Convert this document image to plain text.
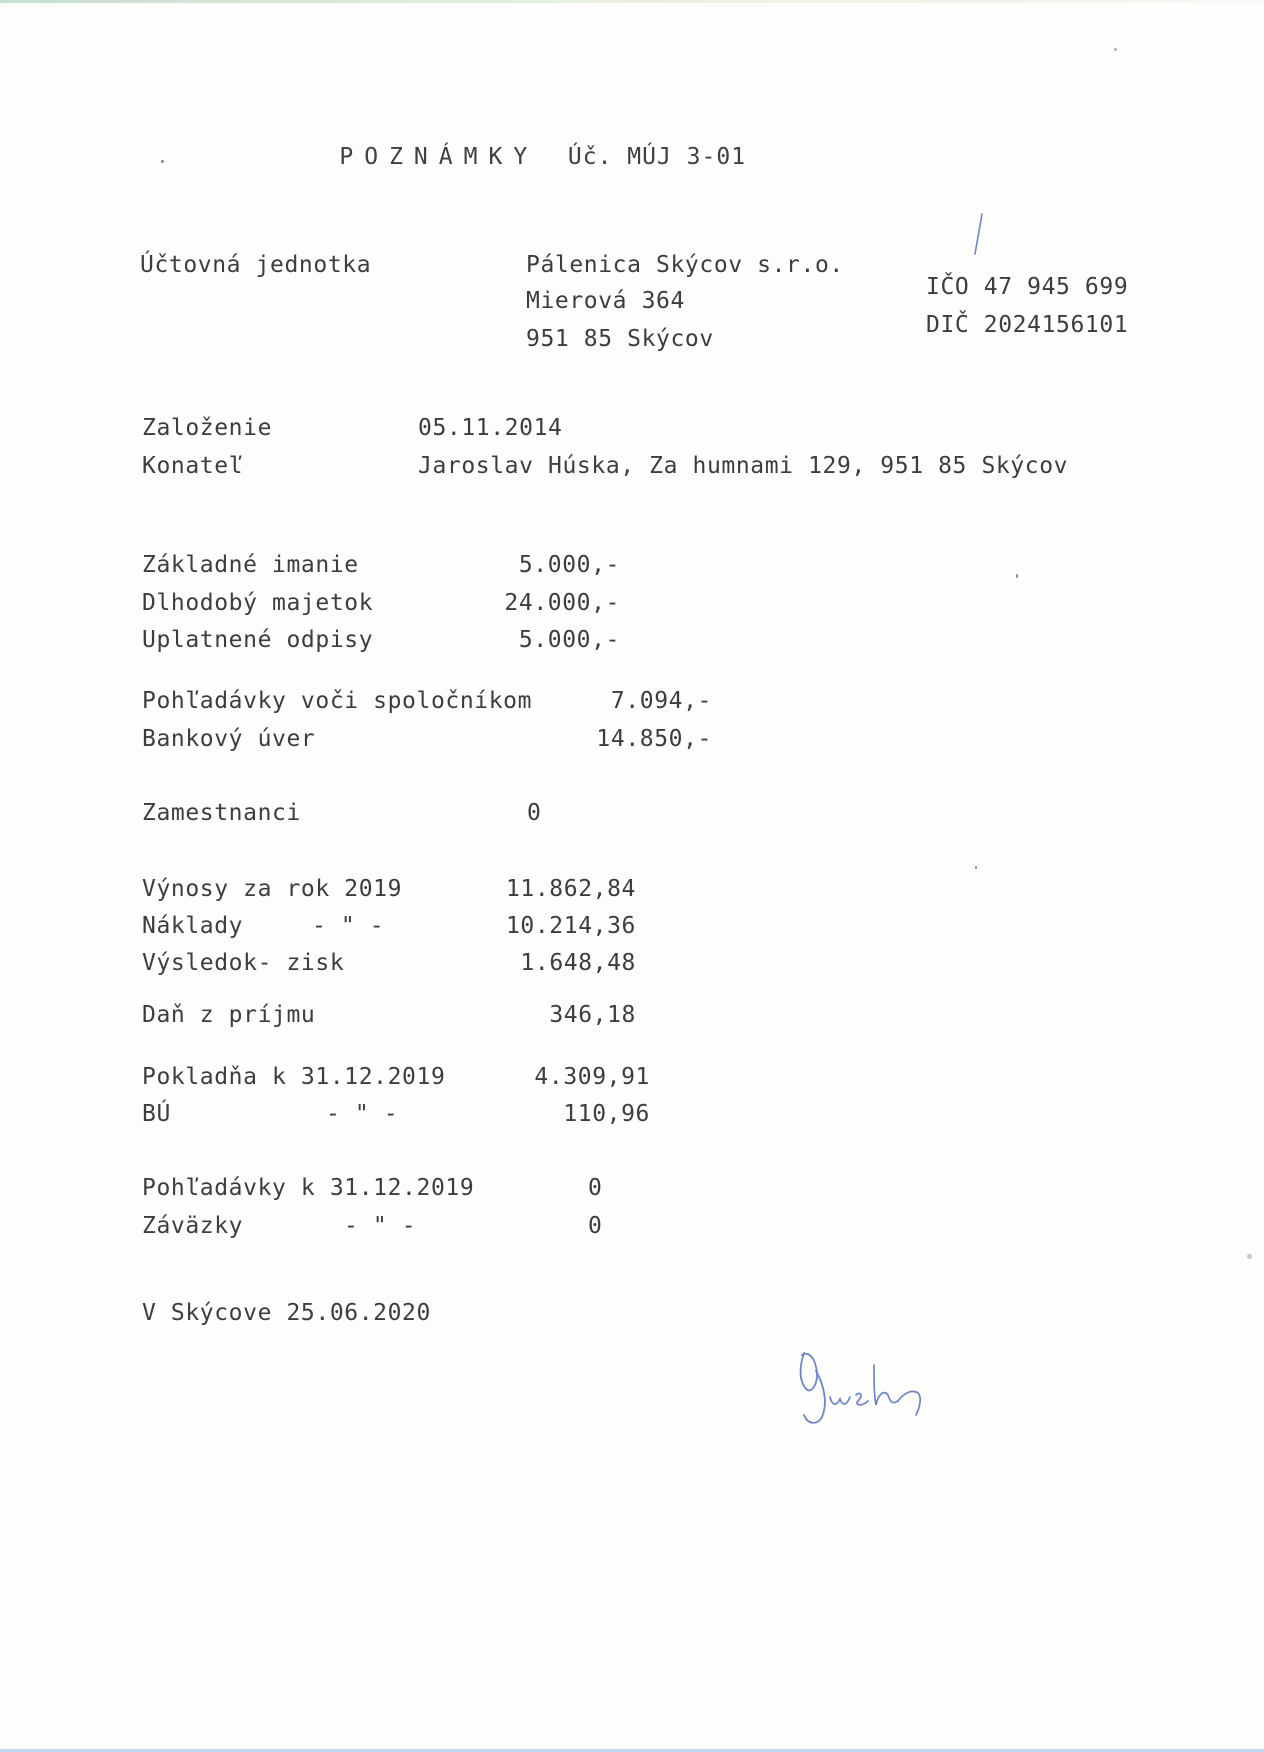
POZNÁMKY Úč. MÚJ 3-01

Účtovná jednotka	Pálenica Skýcov s.r.o.
Mierová 364
951 85 Skýcov
IČO 47 945 699
DIČ 2024156101
Založenie	05.11.2014
Konateľ	Jaroslav Húska, Za humnami 129, 951 85 Skýcov
Základné imanie	5.000,-
Dlhodobý majetok	24.000,-
Uplatnené odpisy	5.000,-
Pohľadávky voči spoločníkom	7.094,-
Bankový úver	14.850,-
Zamestnanci	0
Výnosy za rok 2019	11.862,84
Náklady	- " -	10.214,36
Výsledok- zisk	1.648,48
Daň z príjmu	346,18
Pokladňa k 31.12.2019	4.309,91
BÚ	- " -	110,96
Pohľadávky k 31.12.2019	0
Záväzky	- " -	0
V Skýcove 25.06.2020
